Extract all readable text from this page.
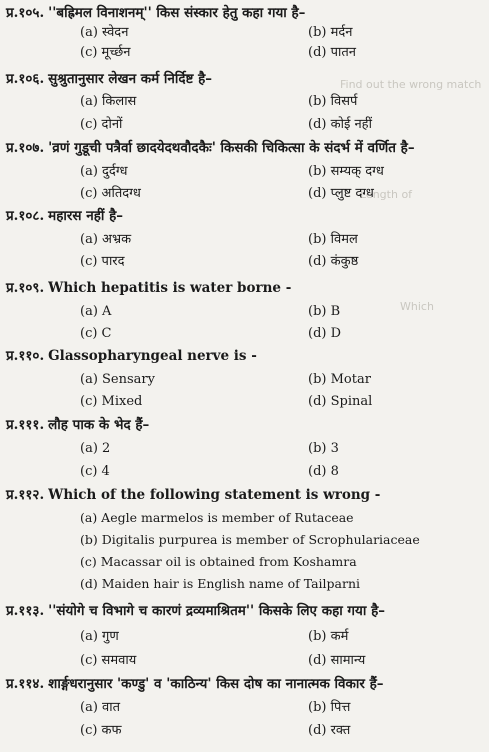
Find out the wrong match
Length of
Which
प्र.१०५. ''बह्रिमल विनाशनम्'' किस संस्कार हेतु कहा गया है–
(a) स्वेदन	(b) मर्दन
(c) मूर्च्छन	(d) पातन
प्र.१०६. सुश्रुतानुसार लेखन कर्म निर्दिष्ट है–
(a) किलास	(b) विसर्प
(c) दोनों	(d) कोई नहीं
प्र.१०७. 'व्रणं गुडूची पत्रैर्वा छादयेदथवौदकैः' किसकी चिकित्सा के संदर्भ में वर्णित है–
(a) दुर्दग्ध	(b) सम्यक् दग्ध
(c) अतिदग्ध	(d) प्लुष्ट दग्ध
प्र.१०८. महारस नहीं है–
(a) अभ्रक	(b) विमल
(c) पारद	(d) कंकुष्ठ
प्र.१०९. Which hepatitis is water borne -
(a) A	(b) B
(c) C	(d) D
प्र.११०. Glassopharyngeal nerve is -
(a) Sensary	(b) Motar
(c) Mixed	(d) Spinal
प्र.१११. लौह पाक के भेद हैं–
(a) 2	(b) 3
(c) 4	(d) 8
प्र.११२. Which of the following statement is wrong -
(a) Aegle marmelos is member of Rutaceae
(b) Digitalis purpurea is member of Scrophulariaceae
(c) Macassar oil is obtained from Koshamra
(d) Maiden hair is English name of Tailparni
प्र.११३. ''संयोगे च विभागे च कारणं द्रव्यमाश्रितम'' किसके लिए कहा गया है–
(a) गुण	(b) कर्म
(c) समवाय	(d) सामान्य
प्र.११४. शार्ङ्गधरानुसार 'कण्डु' व 'काठिन्य' किस दोष का नानात्मक विकार हैं–
(a) वात	(b) पित्त
(c) कफ	(d) रक्त
